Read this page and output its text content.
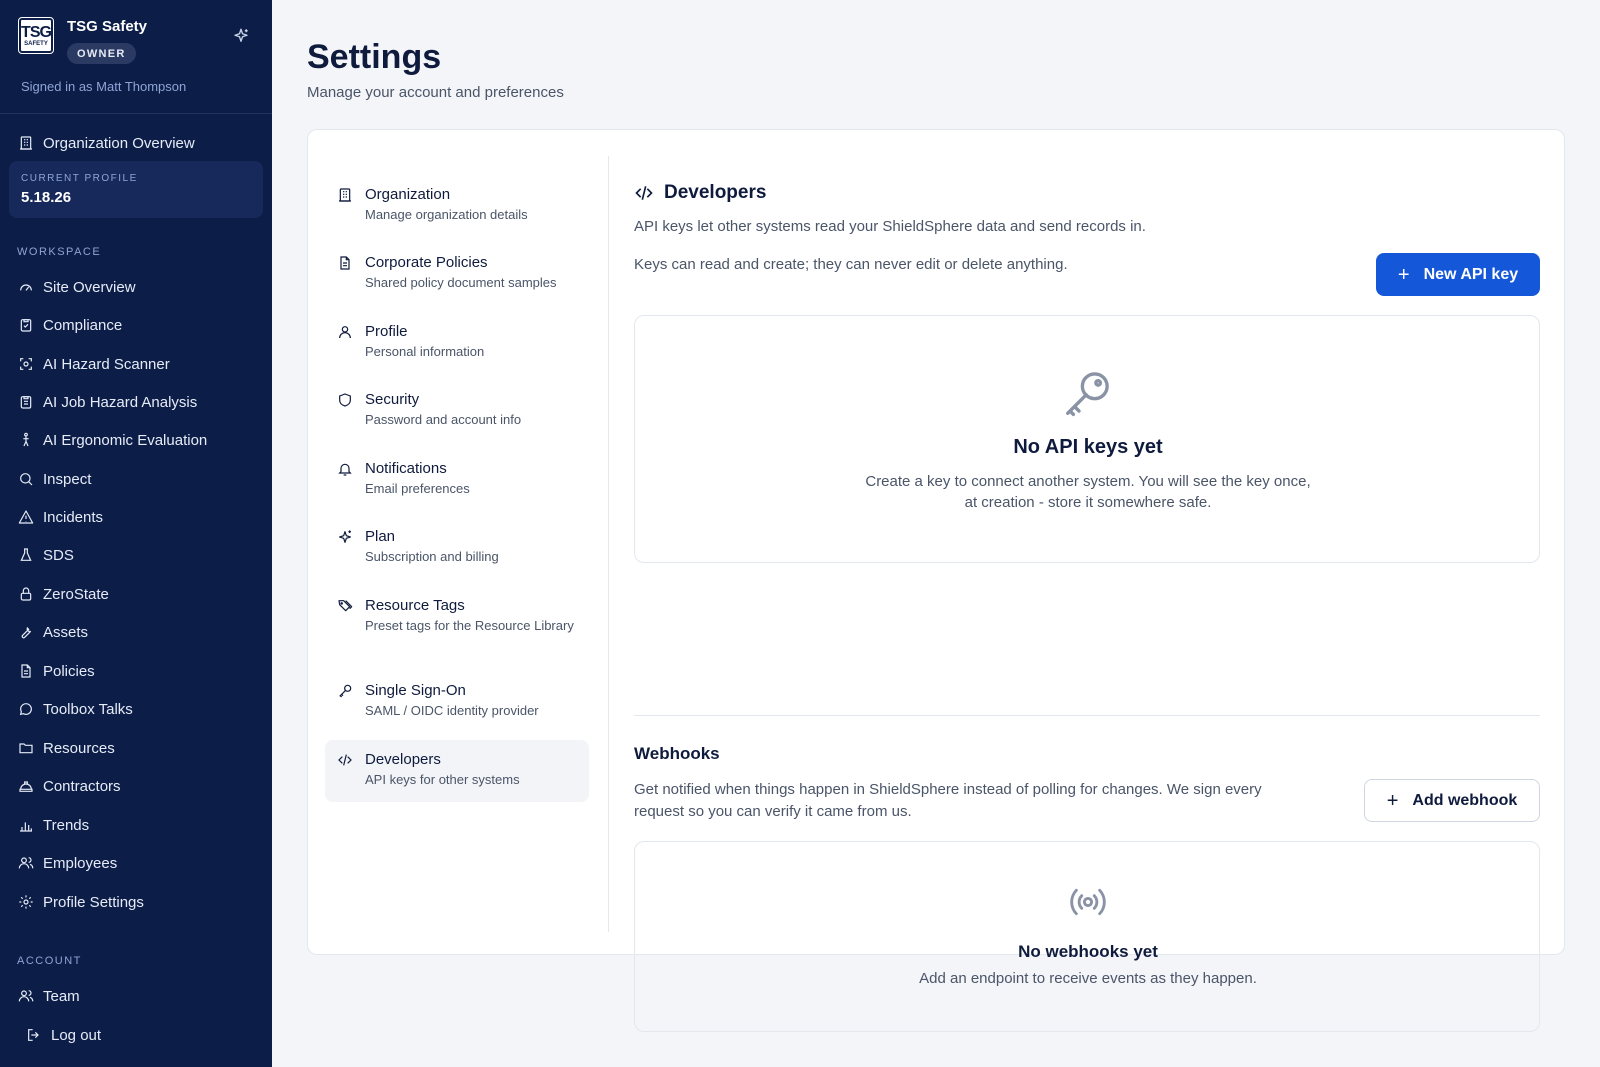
TSG
SAFETY
TSG Safety
OWNER
Signed in as Matt Thompson
Organization Overview
CURRENT PROFILE
5.18.26
WORKSPACE
Site Overview
Compliance
AI Hazard Scanner
AI Job Hazard Analysis
AI Ergonomic Evaluation
Inspect
Incidents
SDS
ZeroState
Assets
Policies
Toolbox Talks
Resources
Contractors
Trends
Employees
Profile Settings
ACCOUNT
Team
Log out
Settings
Manage your account and preferences
Organization
Manage organization details
Corporate Policies
Shared policy document samples
Profile
Personal information
Security
Password and account info
Notifications
Email preferences
Plan
Subscription and billing
Resource Tags
Preset tags for the Resource Library
Single Sign-On
SAML / OIDC identity provider
Developers
API keys for other systems
Developers
API keys let other systems read your ShieldSphere data and send records in.
Keys can read and create; they can never edit or delete anything.	+ New API key
No API keys yet
Create a key to connect another system. You will see the key once,
at creation - store it somewhere safe.
Webhooks
Get notified when things happen in ShieldSphere instead of polling for changes. We sign every request so you can verify it came from us.	+ Add webhook
No webhooks yet
Add an endpoint to receive events as they happen.
